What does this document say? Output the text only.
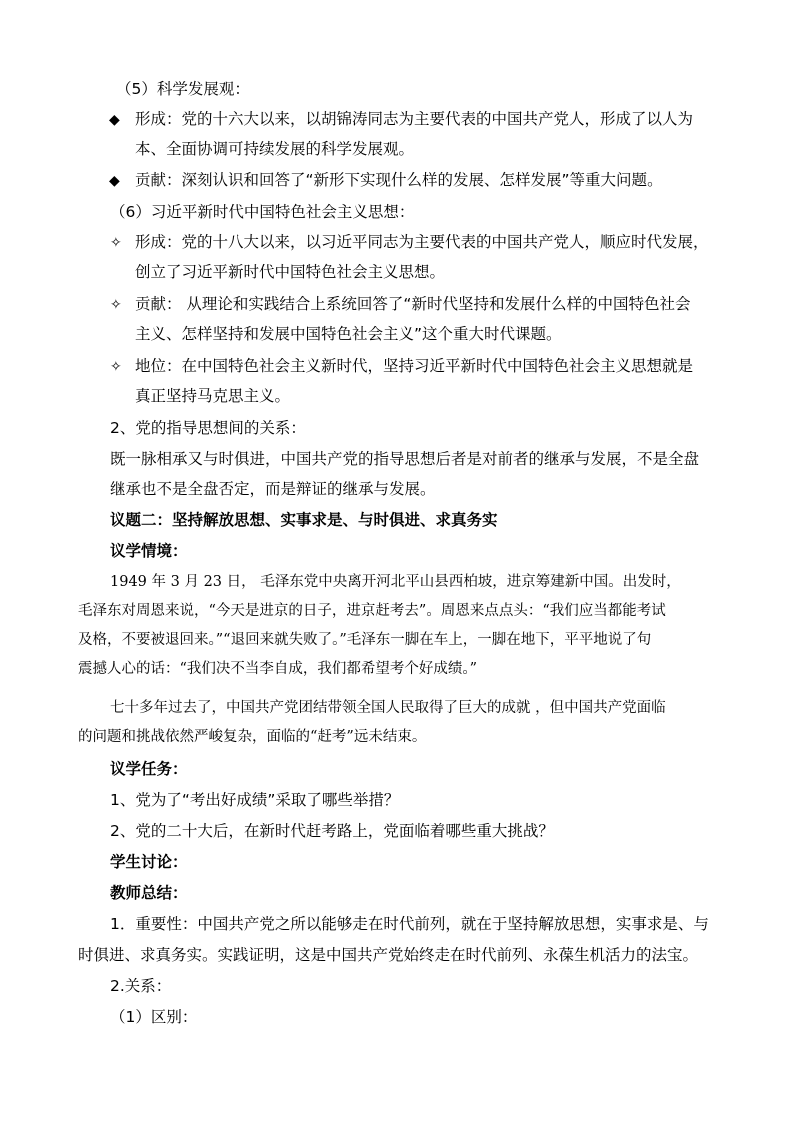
（5）科学发展观：
◆ 形成：党的十六大以来，以胡锦涛同志为主要代表的中国共产党人，形成了以人为
本、全面协调可持续发展的科学发展观。
◆ 贡献：深刻认识和回答了“新形下实现什么样的发展、怎样发展”等重大问题。
（6）习近平新时代中国特色社会主义思想：
✧ 形成：党的十八大以来，以习近平同志为主要代表的中国共产党人，顺应时代发展，
创立了习近平新时代中国特色社会主义思想。
✧ 贡献： 从理论和实践结合上系统回答了“新时代坚持和发展什么样的中国特色社会
主义、怎样坚持和发展中国特色社会主义”这个重大时代课题。
✧ 地位：在中国特色社会主义新时代，坚持习近平新时代中国特色社会主义思想就是
真正坚持马克思主义。
2、党的指导思想间的关系：
既一脉相承又与时俱进，中国共产党的指导思想后者是对前者的继承与发展，不是全盘
继承也不是全盘否定，而是辩证的继承与发展。
议题二：坚持解放思想、实事求是、与时俱进、求真务实
议学情境：
1949 年 3 月 23 日， 毛泽东党中央离开河北平山县西柏坡，进京筹建新中国。出发时，
毛泽东对周恩来说，“今天是进京的日子，进京赶考去”。周恩来点点头：“我们应当都能考试
及格，不要被退回来。”“退回来就失败了。”毛泽东一脚在车上，一脚在地下，平平地说了句
震撼人心的话：“我们决不当李自成，我们都希望考个好成绩。”
七十多年过去了，中国共产党团结带领全国人民取得了巨大的成就 ，但中国共产党面临
的问题和挑战依然严峻复杂，面临的“赶考”远未结束。
议学任务：
1、党为了“考出好成绩”采取了哪些举措？
2、党的二十大后，在新时代赶考路上，党面临着哪些重大挑战？
学生讨论：
教师总结：
1．重要性：中国共产党之所以能够走在时代前列，就在于坚持解放思想，实事求是、与
时俱进、求真务实。实践证明，这是中国共产党始终走在时代前列、永葆生机活力的法宝。
2.关系：
（1）区别：
